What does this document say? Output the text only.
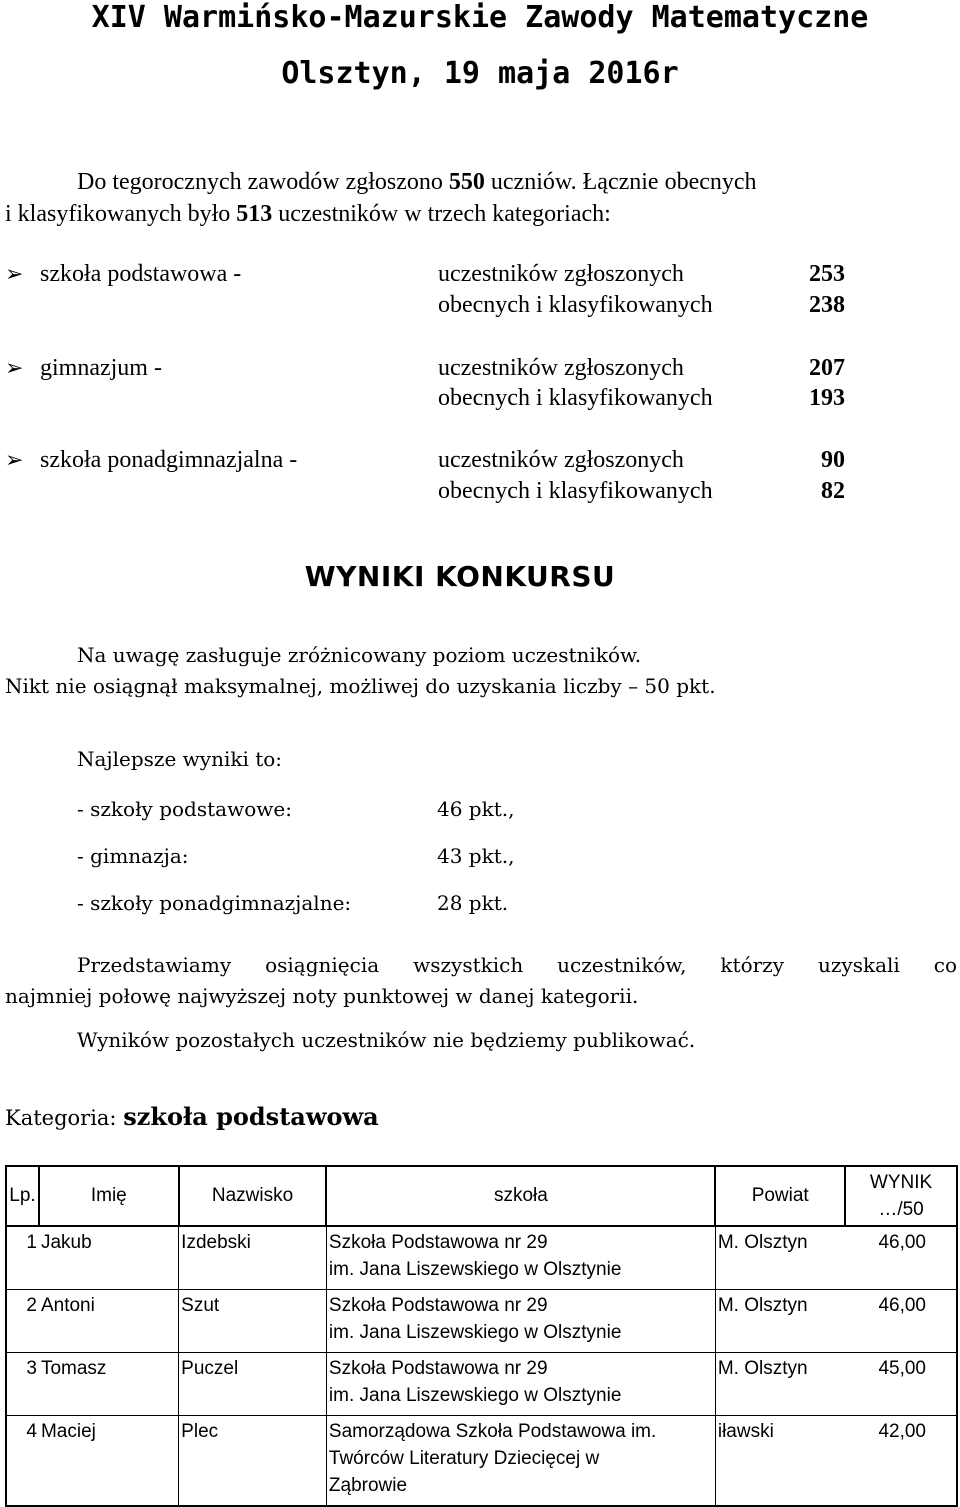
XIV Warmińsko-Mazurskie Zawody Matematyczne
Olsztyn, 19 maja 2016r
Do tegorocznych zawodów zgłoszono 550 uczniów. Łącznie obecnych
i klasyfikowanych było 513 uczestników w trzech kategoriach:
➢ szkoła podstawowa -	uczestników zgłoszonych	253
obecnych i klasyfikowanych	238
➢ gimnazjum -	uczestników zgłoszonych	207
obecnych i klasyfikowanych	193
➢ szkoła ponadgimnazjalna -	uczestników zgłoszonych	90
obecnych i klasyfikowanych	82
WYNIKI KONKURSU
Na uwagę zasługuje zróżnicowany poziom uczestników.
Nikt nie osiągnął maksymalnej, możliwej do uzyskania liczby – 50 pkt.
Najlepsze wyniki to:
- szkoły podstawowe:	46 pkt.,
- gimnazja:	43 pkt.,
- szkoły ponadgimnazjalne:	28 pkt.
Przedstawiamy osiągnięcia wszystkich uczestników, którzy uzyskali co
najmniej połowę najwyższej noty punktowej w danej kategorii.
Wyników pozostałych uczestników nie będziemy publikować.
Kategoria: szkoła podstawowa
Lp.	Imię	Nazwisko	szkoła	Powiat	WYNIK
…/50

1	Jakub	Izdebski	Szkoła Podstawowa nr 29
im. Jana Liszewskiego w Olsztynie	M. Olsztyn	46,00
2	Antoni	Szut	Szkoła Podstawowa nr 29
im. Jana Liszewskiego w Olsztynie	M. Olsztyn	46,00
3	Tomasz	Puczel	Szkoła Podstawowa nr 29
im. Jana Liszewskiego w Olsztynie	M. Olsztyn	45,00
4	Maciej	Plec	Samorządowa Szkoła Podstawowa im.
Twórców Literatury Dziecięcej w
Ząbrowie	iławski	42,00
